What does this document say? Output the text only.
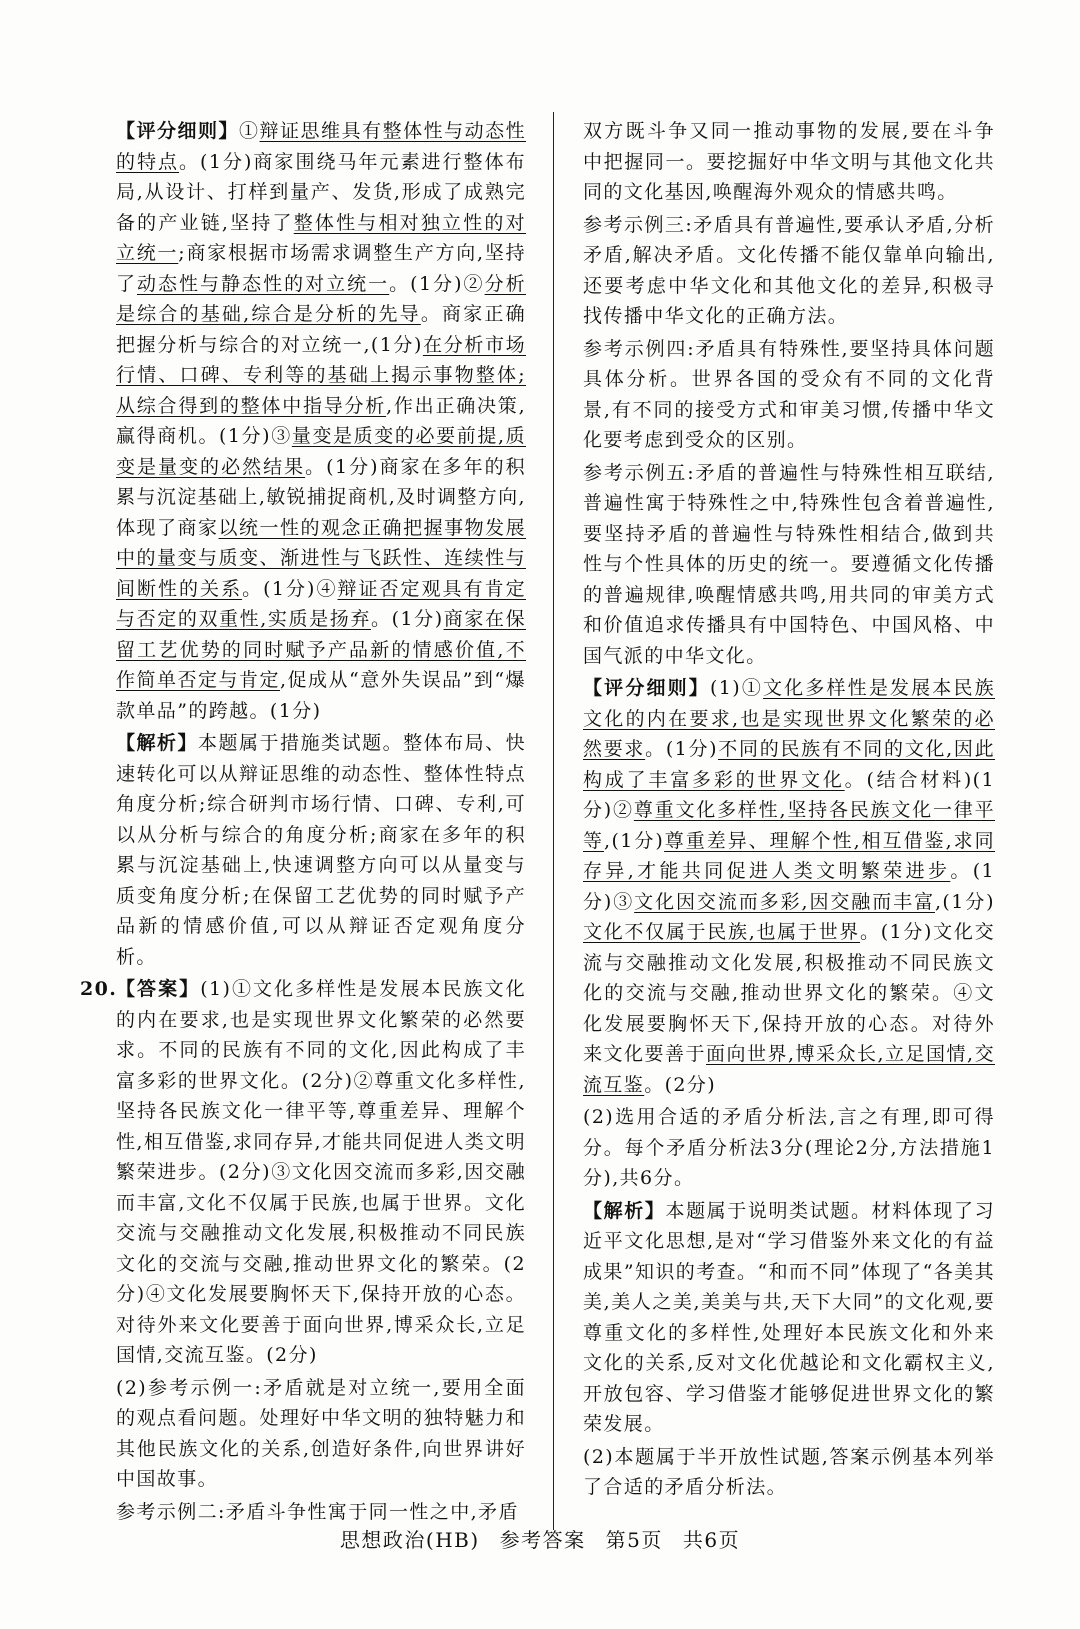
【评分细则】①辩证思维具有整体性与动态性的特点。(1分)商家围绕马年元素进行整体布局,从设计、打样到量产、发货,形成了成熟完备的产业链,坚持了整体性与相对独立性的对立统一;商家根据市场需求调整生产方向,坚持了动态性与静态性的对立统一。(1分)②分析是综合的基础,综合是分析的先导。商家正确把握分析与综合的对立统一,(1分)在分析市场行情、口碑、专利等的基础上揭示事物整体;从综合得到的整体中指导分析,作出正确决策,赢得商机。(1分)③量变是质变的必要前提,质变是量变的必然结果。(1分)商家在多年的积累与沉淀基础上,敏锐捕捉商机,及时调整方向,体现了商家以统一性的观念正确把握事物发展中的量变与质变、渐进性与飞跃性、连续性与间断性的关系。(1分)④辩证否定观具有肯定与否定的双重性,实质是扬弃。(1分)商家在保留工艺优势的同时赋予产品新的情感价值,不作简单否定与肯定,促成从“意外失误品”到“爆款单品”的跨越。(1分)

【解析】本题属于措施类试题。整体布局、快速转化可以从辩证思维的动态性、整体性特点角度分析;综合研判市场行情、口碑、专利,可以从分析与综合的角度分析;商家在多年的积累与沉淀基础上,快速调整方向可以从量变与质变角度分析;在保留工艺优势的同时赋予产品新的情感价值,可以从辩证否定观角度分析。

20.
【答案】(1)①文化多样性是发展本民族文化的内在要求,也是实现世界文化繁荣的必然要求。不同的民族有不同的文化,因此构成了丰富多彩的世界文化。(2分)②尊重文化多样性,坚持各民族文化一律平等,尊重差异、理解个性,相互借鉴,求同存异,才能共同促进人类文明繁荣进步。(2分)③文化因交流而多彩,因交融而丰富,文化不仅属于民族,也属于世界。文化交流与交融推动文化发展,积极推动不同民族文化的交流与交融,推动世界文化的繁荣。(2分)④文化发展要胸怀天下,保持开放的心态。对待外来文化要善于面向世界,博采众长,立足国情,交流互鉴。(2分)

(2)参考示例一:矛盾就是对立统一,要用全面的观点看问题。处理好中华文明的独特魅力和其他民族文化的关系,创造好条件,向世界讲好中国故事。

参考示例二:矛盾斗争性寓于同一性之中,矛盾

双方既斗争又同一推动事物的发展,要在斗争中把握同一。要挖掘好中华文明与其他文化共同的文化基因,唤醒海外观众的情感共鸣。

参考示例三:矛盾具有普遍性,要承认矛盾,分析矛盾,解决矛盾。文化传播不能仅靠单向输出,还要考虑中华文化和其他文化的差异,积极寻找传播中华文化的正确方法。

参考示例四:矛盾具有特殊性,要坚持具体问题具体分析。世界各国的受众有不同的文化背景,有不同的接受方式和审美习惯,传播中华文化要考虑到受众的区别。

参考示例五:矛盾的普遍性与特殊性相互联结,普遍性寓于特殊性之中,特殊性包含着普遍性,要坚持矛盾的普遍性与特殊性相结合,做到共性与个性具体的历史的统一。要遵循文化传播的普遍规律,唤醒情感共鸣,用共同的审美方式和价值追求传播具有中国特色、中国风格、中国气派的中华文化。

【评分细则】(1)①文化多样性是发展本民族文化的内在要求,也是实现世界文化繁荣的必然要求。(1分)不同的民族有不同的文化,因此构成了丰富多彩的世界文化。(结合材料)(1分)②尊重文化多样性,坚持各民族文化一律平等,(1分)尊重差异、理解个性,相互借鉴,求同存异,才能共同促进人类文明繁荣进步。(1分)③文化因交流而多彩,因交融而丰富,(1分)文化不仅属于民族,也属于世界。(1分)文化交流与交融推动文化发展,积极推动不同民族文化的交流与交融,推动世界文化的繁荣。④文化发展要胸怀天下,保持开放的心态。对待外来文化要善于面向世界,博采众长,立足国情,交流互鉴。(2分)

(2)选用合适的矛盾分析法,言之有理,即可得分。每个矛盾分析法3分(理论2分,方法措施1分),共6分。

【解析】本题属于说明类试题。材料体现了习近平文化思想,是对“学习借鉴外来文化的有益成果”知识的考查。“和而不同”体现了“各美其美,美人之美,美美与共,天下大同”的文化观,要尊重文化的多样性,处理好本民族文化和外来文化的关系,反对文化优越论和文化霸权主义,开放包容、学习借鉴才能够促进世界文化的繁荣发展。

(2)本题属于半开放性试题,答案示例基本列举了合适的矛盾分析法。

思想政治(HB) 参考答案 第5页 共6页
